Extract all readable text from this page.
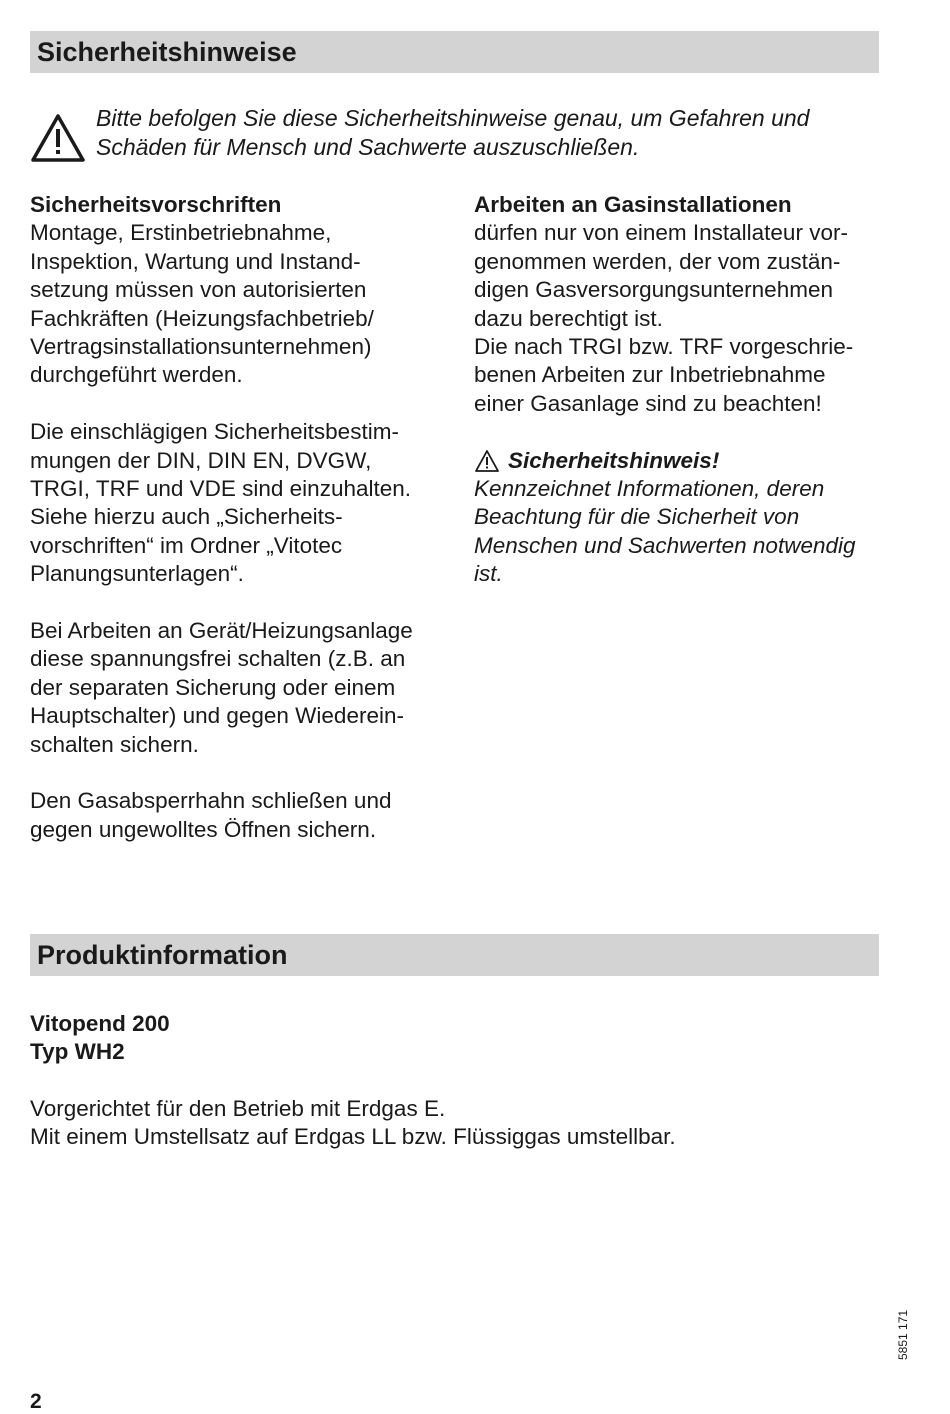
Sicherheitshinweise
Bitte befolgen Sie diese Sicherheitshinweise genau, um Gefahren und
Schäden für Mensch und Sachwerte auszuschließen.
Sicherheitsvorschriften
Montage, Erstinbetriebnahme,
Inspektion, Wartung und Instand-
setzung müssen von autorisierten
Fachkräften (Heizungsfachbetrieb/
Vertragsinstallationsunternehmen)
durchgeführt werden.
Die einschlägigen Sicherheitsbestim-
mungen der DIN, DIN EN, DVGW,
TRGI, TRF und VDE sind einzuhalten.
Siehe hierzu auch „Sicherheits-
vorschriften“ im Ordner „Vitotec
Planungsunterlagen“.
Bei Arbeiten an Gerät/Heizungsanlage
diese spannungsfrei schalten (z.B. an
der separaten Sicherung oder einem
Hauptschalter) und gegen Wiederein-
schalten sichern.
Den Gasabsperrhahn schließen und
gegen ungewolltes Öffnen sichern.
Arbeiten an Gasinstallationen
dürfen nur von einem Installateur vor-
genommen werden, der vom zustän-
digen Gasversorgungsunternehmen
dazu berechtigt ist.
Die nach TRGI bzw. TRF vorgeschrie-
benen Arbeiten zur Inbetriebnahme
einer Gasanlage sind zu beachten!
Sicherheitshinweis!
Kennzeichnet Informationen, deren
Beachtung für die Sicherheit von
Menschen und Sachwerten notwendig
ist.
Produktinformation
Vitopend 200
Typ WH2
Vorgerichtet für den Betrieb mit Erdgas E.
Mit einem Umstellsatz auf Erdgas LL bzw. Flüssiggas umstellbar.
5851 171
2
